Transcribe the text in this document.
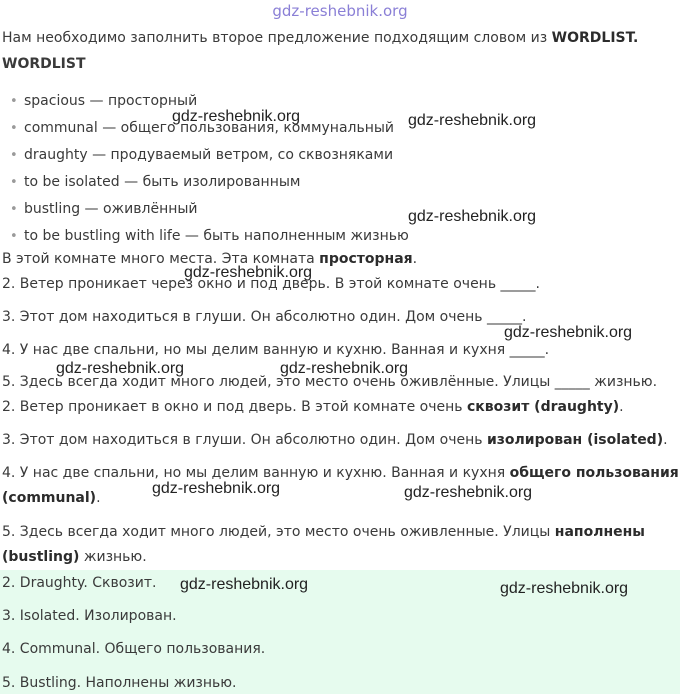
gdz-reshebnik.org
Нам необходимо заполнить второе предложение подходящим словом из WORDLIST.
WORDLIST
• spacious — просторный
• communal — общего пользования, коммунальный
• draughty — продуваемый ветром, со сквозняками
• to be isolated — быть изолированным
• bustling — оживлённый
• to be bustling with life — быть наполненным жизнью
В этой комнате много места. Эта комната просторная.
2. Ветер проникает через окно и под дверь. В этой комнате очень _____.
3. Этот дом находиться в глуши. Он абсолютно один. Дом очень _____.
4. У нас две спальни, но мы делим ванную и кухню. Ванная и кухня _____.
5. Здесь всегда ходит много людей, это место очень оживлённые. Улицы _____ жизнью.
2. Ветер проникает в окно и под дверь. В этой комнате очень сквозит (draughty).
3. Этот дом находиться в глуши. Он абсолютно один. Дом очень изолирован (isolated).
4. У нас две спальни, но мы делим ванную и кухню. Ванная и кухня общего пользования
(communal).
5. Здесь всегда ходит много людей, это место очень оживленные. Улицы наполнены
(bustling) жизнью.
2. Draughty. Сквозит.
3. Isolated. Изолирован.
4. Communal. Общего пользования.
5. Bustling. Наполнены жизнью.
gdz-reshebnik.org	gdz-reshebnik.org
gdz-reshebnik.org
gdz-reshebnik.org
gdz-reshebnik.org
gdz-reshebnik.org	gdz-reshebnik.org
gdz-reshebnik.org	gdz-reshebnik.org
gdz-reshebnik.org	gdz-reshebnik.org
